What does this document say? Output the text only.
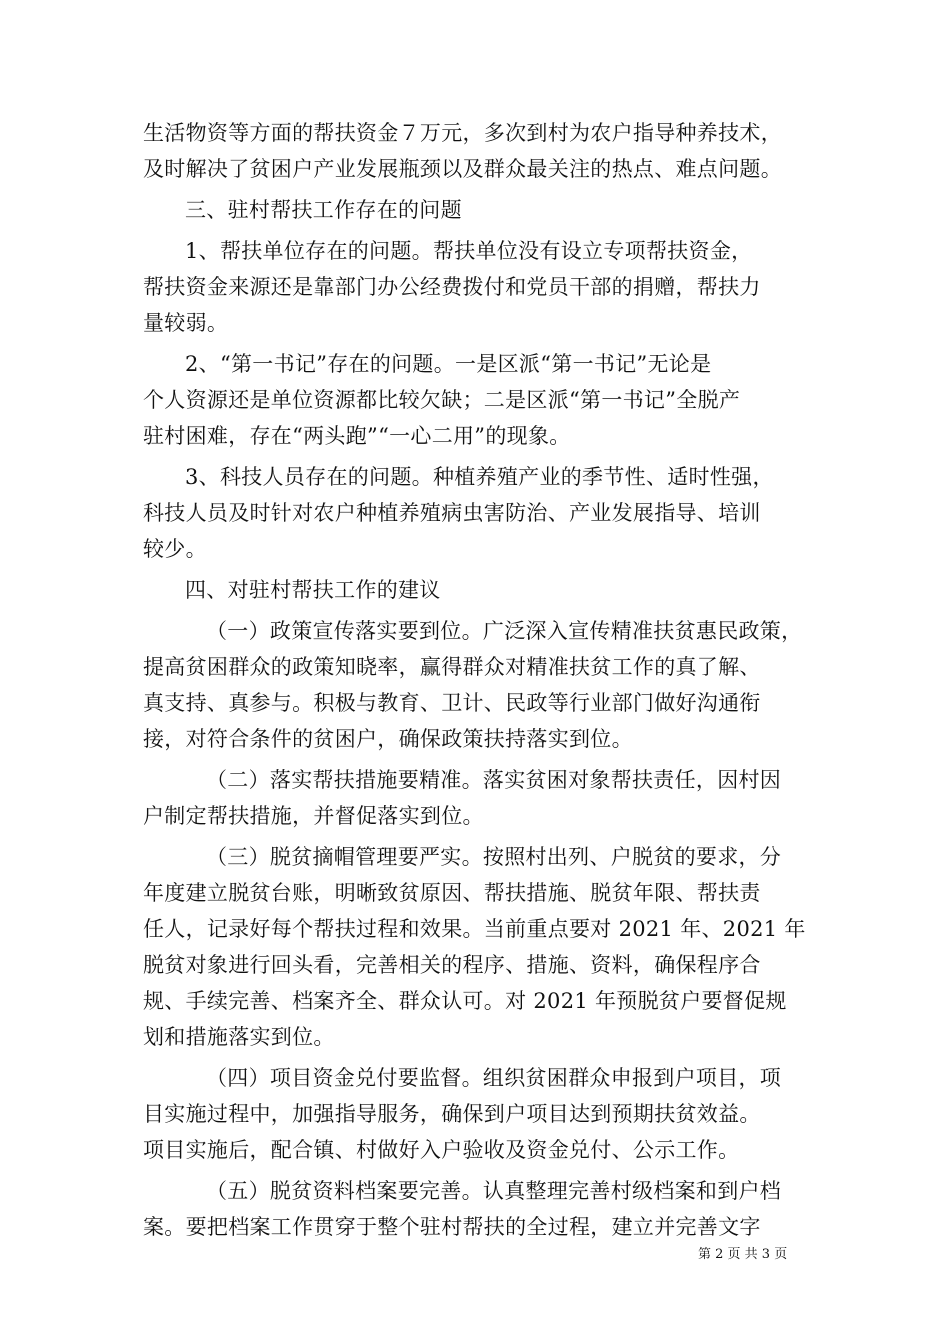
生活物资等方面的帮扶资金７万元，多次到村为农户指导种养技术，
及时解决了贫困户产业发展瓶颈以及群众最关注的热点、难点问题。
三、驻村帮扶工作存在的问题
1、帮扶单位存在的问题。帮扶单位没有设立专项帮扶资金，
帮扶资金来源还是靠部门办公经费拨付和党员干部的捐赠，帮扶力
量较弱。
2、“第一书记”存在的问题。一是区派“第一书记”无论是
个人资源还是单位资源都比较欠缺；二是区派“第一书记”全脱产
驻村困难，存在“两头跑”“一心二用”的现象。
3、科技人员存在的问题。种植养殖产业的季节性、适时性强，
科技人员及时针对农户种植养殖病虫害防治、产业发展指导、培训
较少。
四、对驻村帮扶工作的建议
（一）政策宣传落实要到位。广泛深入宣传精准扶贫惠民政策，
提高贫困群众的政策知晓率，赢得群众对精准扶贫工作的真了解、
真支持、真参与。积极与教育、卫计、民政等行业部门做好沟通衔
接，对符合条件的贫困户，确保政策扶持落实到位。
（二）落实帮扶措施要精准。落实贫困对象帮扶责任，因村因
户制定帮扶措施，并督促落实到位。
（三）脱贫摘帽管理要严实。按照村出列、户脱贫的要求，分
年度建立脱贫台账，明晰致贫原因、帮扶措施、脱贫年限、帮扶责
任人，记录好每个帮扶过程和效果。当前重点要对 2021 年、2021 年
脱贫对象进行回头看，完善相关的程序、措施、资料，确保程序合
规、手续完善、档案齐全、群众认可。对 2021 年预脱贫户要督促规
划和措施落实到位。
（四）项目资金兑付要监督。组织贫困群众申报到户项目，项
目实施过程中，加强指导服务，确保到户项目达到预期扶贫效益。
项目实施后，配合镇、村做好入户验收及资金兑付、公示工作。
（五）脱贫资料档案要完善。认真整理完善村级档案和到户档
案。要把档案工作贯穿于整个驻村帮扶的全过程，建立并完善文字
第 2 页 共 3 页
